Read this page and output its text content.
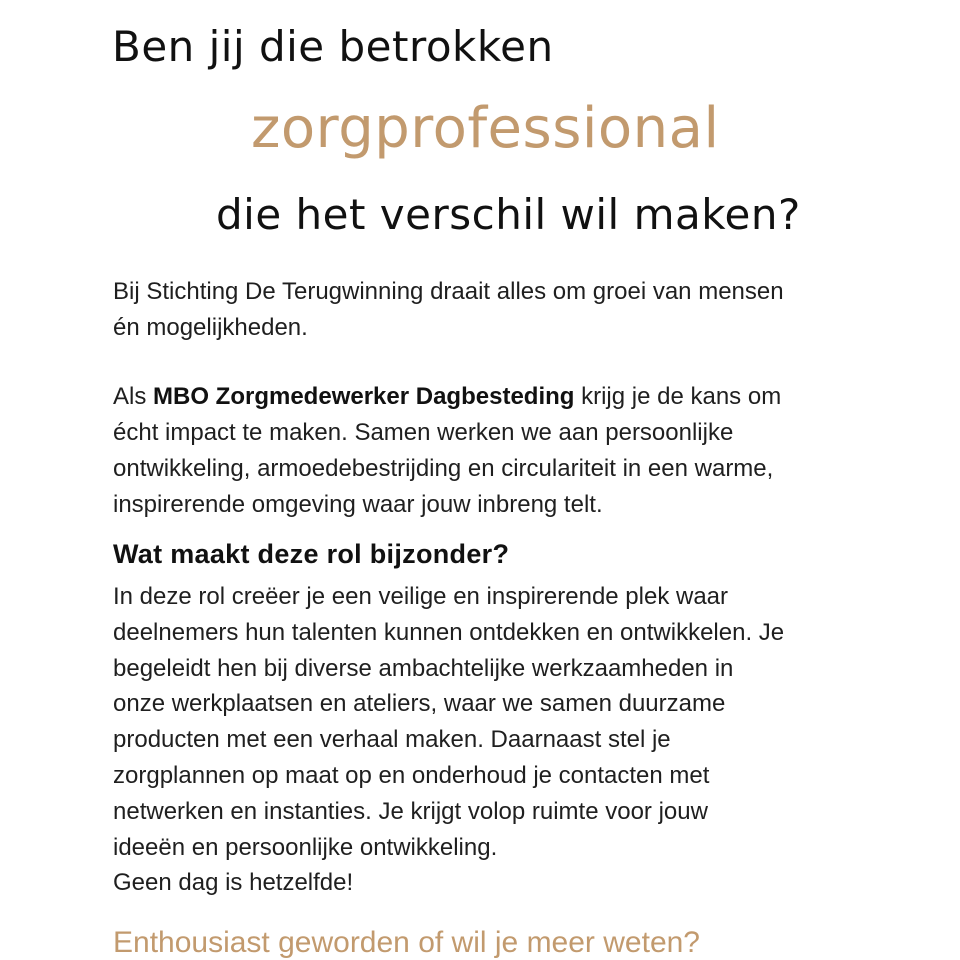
Ben jij die betrokken
zorgprofessional
die het verschil wil maken?

Bij Stichting De Terugwinning draait alles om groei van mensen
én mogelijkheden.

Als MBO Zorgmedewerker Dagbesteding krijg je de kans om
écht impact te maken. Samen werken we aan persoonlijke
ontwikkeling, armoedebestrijding en circulariteit in een warme,
inspirerende omgeving waar jouw inbreng telt.

Wat maakt deze rol bijzonder?

In deze rol creëer je een veilige en inspirerende plek waar
deelnemers hun talenten kunnen ontdekken en ontwikkelen. Je
begeleidt hen bij diverse ambachtelijke werkzaamheden in
onze werkplaatsen en ateliers, waar we samen duurzame
producten met een verhaal maken. Daarnaast stel je
zorgplannen op maat op en onderhoud je contacten met
netwerken en instanties. Je krijgt volop ruimte voor jouw
ideeën en persoonlijke ontwikkeling.
Geen dag is hetzelfde!

Enthousiast geworden of wil je meer weten?
